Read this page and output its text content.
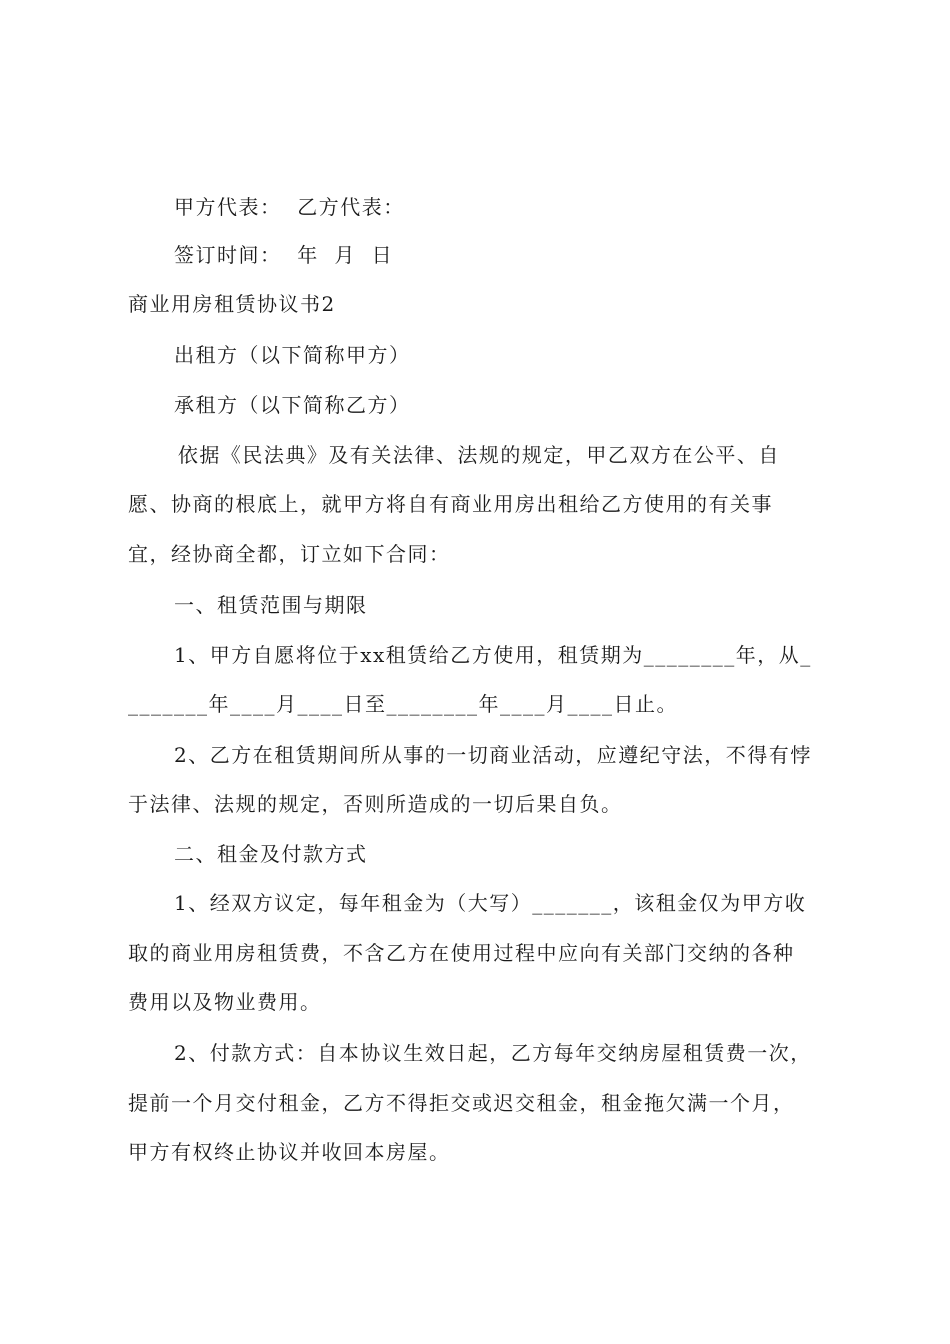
甲方代表：  乙方代表：
签订时间：  年  月  日
商业用房租赁协议书2
出租方（以下简称甲方）
承租方（以下简称乙方）
依据《民法典》及有关法律、法规的规定，甲乙双方在公平、自
愿、协商的根底上，就甲方将自有商业用房出租给乙方使用的有关事
宜，经协商全都，订立如下合同：
一、租赁范围与期限
1、甲方自愿将位于xx租赁给乙方使用，租赁期为________年，从_
_______年____月____日至________年____月____日止。
2、乙方在租赁期间所从事的一切商业活动，应遵纪守法，不得有悖
于法律、法规的规定，否则所造成的一切后果自负。
二、租金及付款方式
1、经双方议定，每年租金为（大写）_______，该租金仅为甲方收
取的商业用房租赁费，不含乙方在使用过程中应向有关部门交纳的各种
费用以及物业费用。
2、付款方式：自本协议生效日起，乙方每年交纳房屋租赁费一次，
提前一个月交付租金，乙方不得拒交或迟交租金，租金拖欠满一个月，
甲方有权终止协议并收回本房屋。
